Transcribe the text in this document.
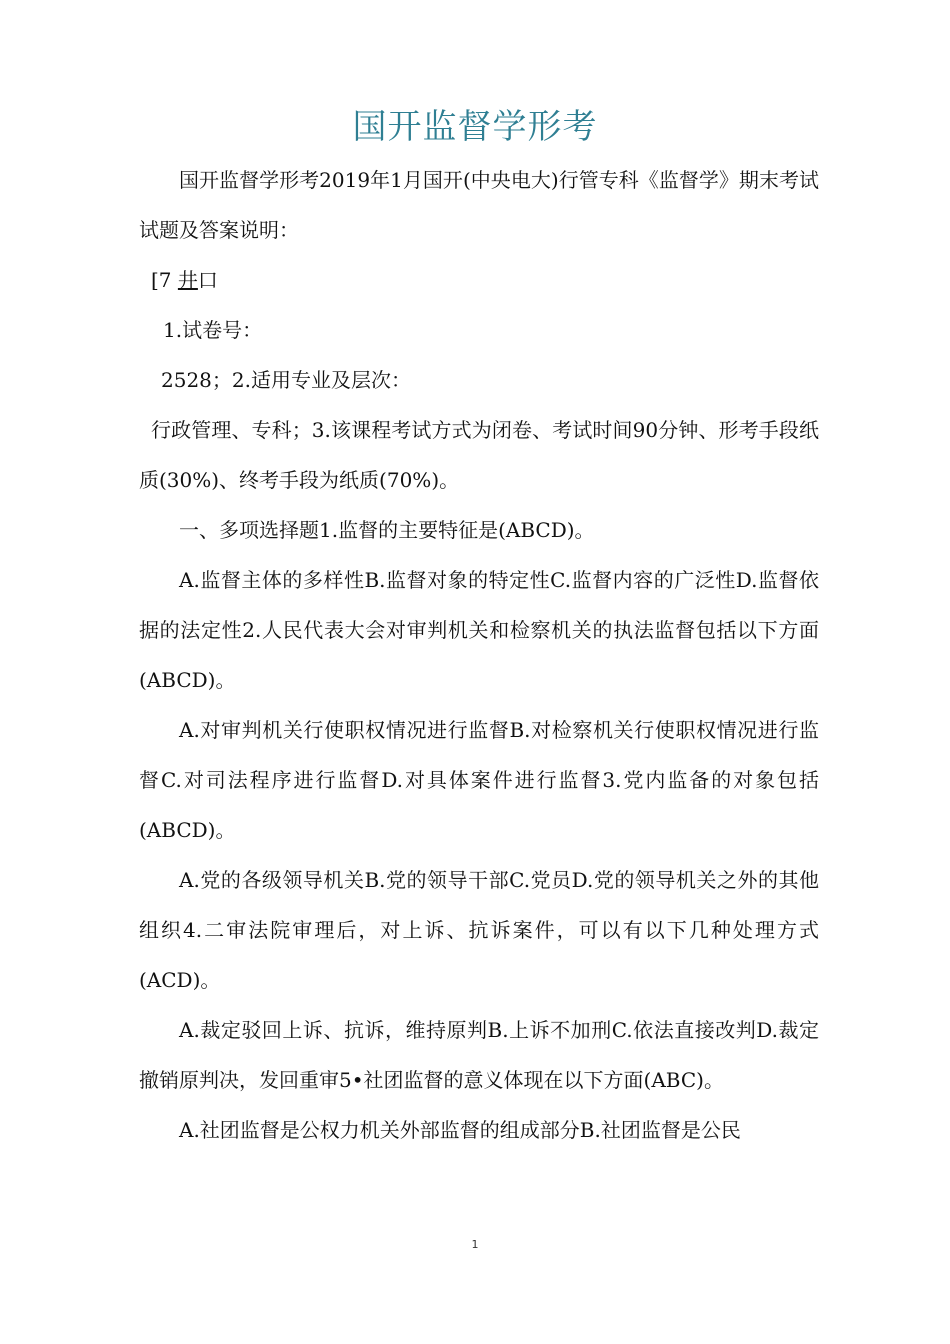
国开监督学形考

国开监督学形考2019年1月国开(中央电大)行管专科《监督学》期末考试试题及答案说明：

[7 井口

1.试卷号：

2528；2.适用专业及层次：

行政管理、专科；3.该课程考试方式为闭卷、考试时间90分钟、形考手段纸质(30%)、终考手段为纸质(70%)。

一、多项选择题1.监督的主要特征是(ABCD)。

A.监督主体的多样性B.监督对象的特定性C.监督内容的广泛性D.监督依据的法定性2.人民代表大会对审判机关和检察机关的执法监督包括以下方面(ABCD)。

A.对审判机关行使职权情况进行监督B.对检察机关行使职权情况进行监督C.对司法程序进行监督D.对具体案件进行监督3.党内监备的对象包括(ABCD)。

A.党的各级领导机关B.党的领导干部C.党员D.党的领导机关之外的其他组织4.二审法院审理后，对上诉、抗诉案件，可以有以下几种处理方式(ACD)。

A.裁定驳回上诉、抗诉，维持原判B.上诉不加刑C.依法直接改判D.裁定撤销原判决，发回重审5•社团监督的意义体现在以下方面(ABC)。

A.社团监督是公权力机关外部监督的组成部分B.社团监督是公民

1
